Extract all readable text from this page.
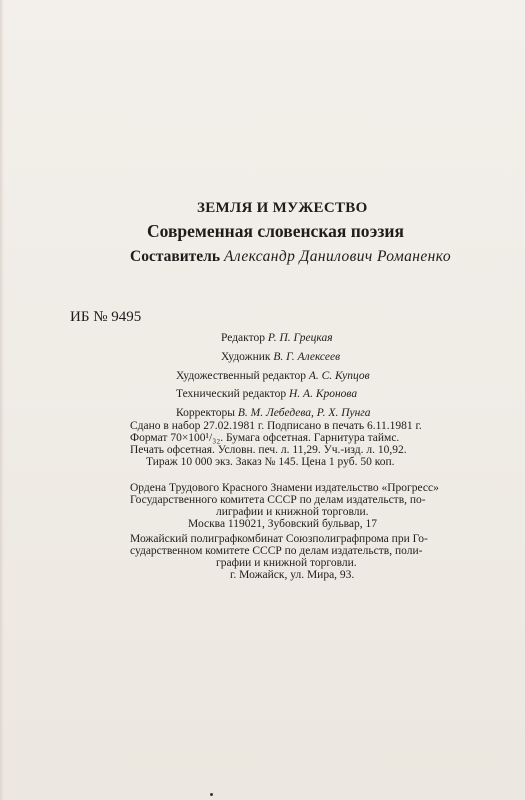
ЗЕМЛЯ И МУЖЕСТВО
Современная словенская поэзия
Составитель Александр Данилович Романенко
ИБ № 9495
Редактор Р. П. Грецкая
Художник В. Г. Алексеев
Художественный редактор А. С. Купцов
Технический редактор Н. А. Кронова
Корректоры В. М. Лебедева, Р. Х. Пунга
Сдано в набор 27.02.1981 г. Подписано в печать 6.11.1981 г.
Формат 70×100¹/₃₂. Бумага офсетная. Гарнитура таймс.
Печать офсетная. Условн. печ. л. 11,29. Уч.-изд. л. 10,92.
Тираж 10 000 экз. Заказ № 145. Цена 1 руб. 50 коп.
Ордена Трудового Красного Знамени издательство «Прогресс»
Государственного комитета СССР по делам издательств, по-
лиграфии и книжной торговли.
Москва 119021, Зубовский бульвар, 17
Можайский полиграфкомбинат Союзполиграфпрома при Го-
сударственном комитете СССР по делам издательств, поли-
графии и книжной торговли.
г. Можайск, ул. Мира, 93.
